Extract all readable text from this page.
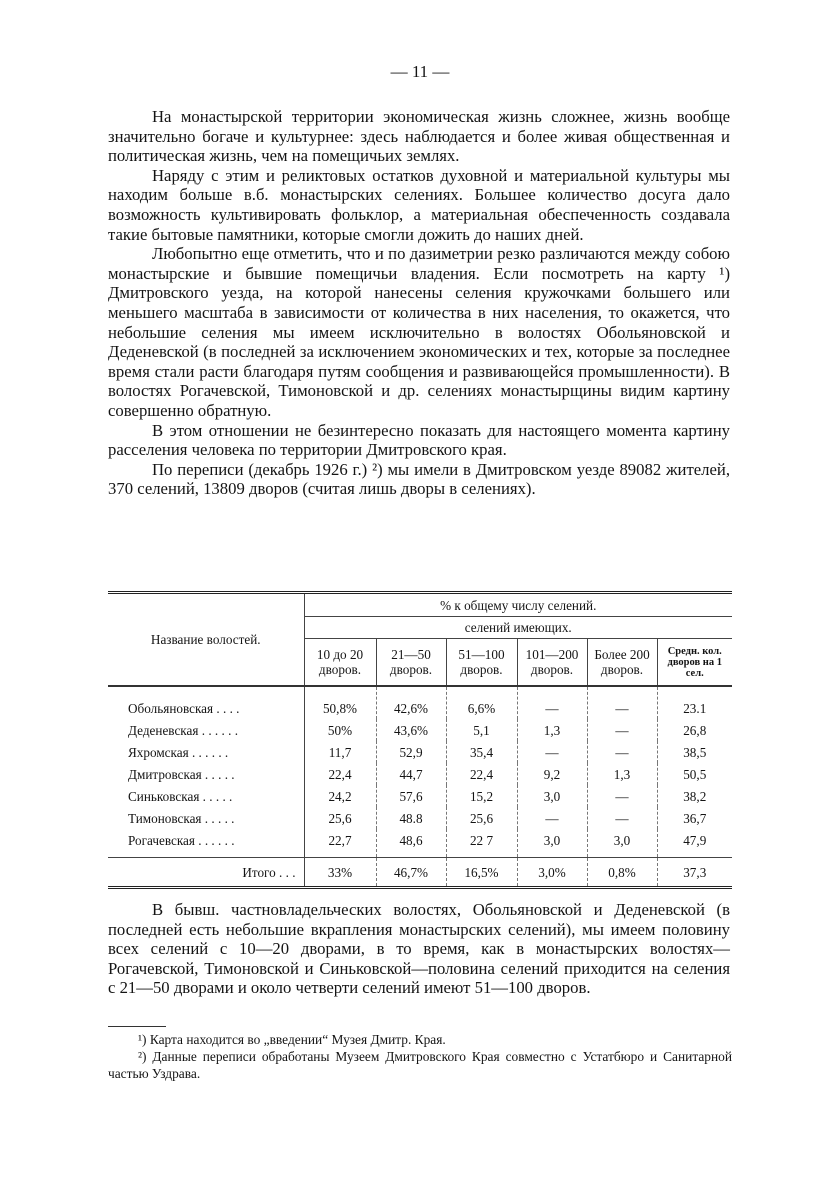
— 11 —

На монастырской территории экономическая жизнь сложнее, жизнь вообще значительно богаче и культурнее: здесь наблюдается и более живая общественная и политическая жизнь, чем на помещичьих землях.

Наряду с этим и реликтовых остатков духовной и материальной культуры мы находим больше в.б. монастырских селениях. Большее количество досуга дало возможность культивировать фольклор, а материальная обеспеченность создавала такие бытовые памятники, которые смогли дожить до наших дней.

Любопытно еще отметить, что и по дазиметрии резко различаются между собою монастырские и бывшие помещичьи владения. Если посмотреть на карту ¹) Дмитровского уезда, на которой нанесены селения кружочками большего или меньшего масштаба в зависимости от количества в них населения, то окажется, что небольшие селения мы имеем исключительно в волостях Обольяновской и Деденевской (в последней за исключением экономических и тех, которые за последнее время стали расти благодаря путям сообщения и развивающейся промышленности). В волостях Рогачевской, Тимоновской и др. селениях монастырщины видим картину совершенно обратную.

В этом отношении не безинтересно показать для настоящего момента картину расселения человека по территории Дмитровского края.

По переписи (декабрь 1926 г.) ²) мы имели в Дмитровском уезде 89082 жителей, 370 селений, 13809 дворов (считая лишь дворы в селениях).

Название волостей.	% к общему числу селений.					
	селений имеющих.					
	10 до 20 дворов.	21—50 дворов.	51—100 дворов.	101—200 дворов.	Более 200 дворов.	Средн. кол. дворов на 1 сел.
Обольяновская . . . .	50,8%	42,6%	6,6%	—	—	23.1
Деденевская . . . . . .	50%	43,6%	5,1	1,3	—	26,8
Яхромская . . . . . .	11,7	52,9	35,4	—	—	38,5
Дмитровская . . . . .	22,4	44,7	22,4	9,2	1,3	50,5
Синьковская . . . . .	24,2	57,6	15,2	3,0	—	38,2
Тимоновская . . . . .	25,6	48.8	25,6	—	—	36,7
Рогачевская . . . . . .	22,7	48,6	22 7	3,0	3,0	47,9
Итого . . .	33%	46,7%	16,5%	3,0%	0,8%	37,3

В бывш. частновладельческих волостях, Обольяновской и Деденевской (в последней есть небольшие вкрапления монастырских селений), мы имеем половину всех селений с 10—20 дворами, в то время, как в монастырских волостях—Рогачевской, Тимоновской и Синьковской—половина селений приходится на селения с 21—50 дворами и около четверти селений имеют 51—100 дворов.

¹) Карта находится во „введении“ Музея Дмитр. Края.

²) Данные переписи обработаны Музеем Дмитровского Края совместно с Устатбюро и Санитарной частью Уздрава.
